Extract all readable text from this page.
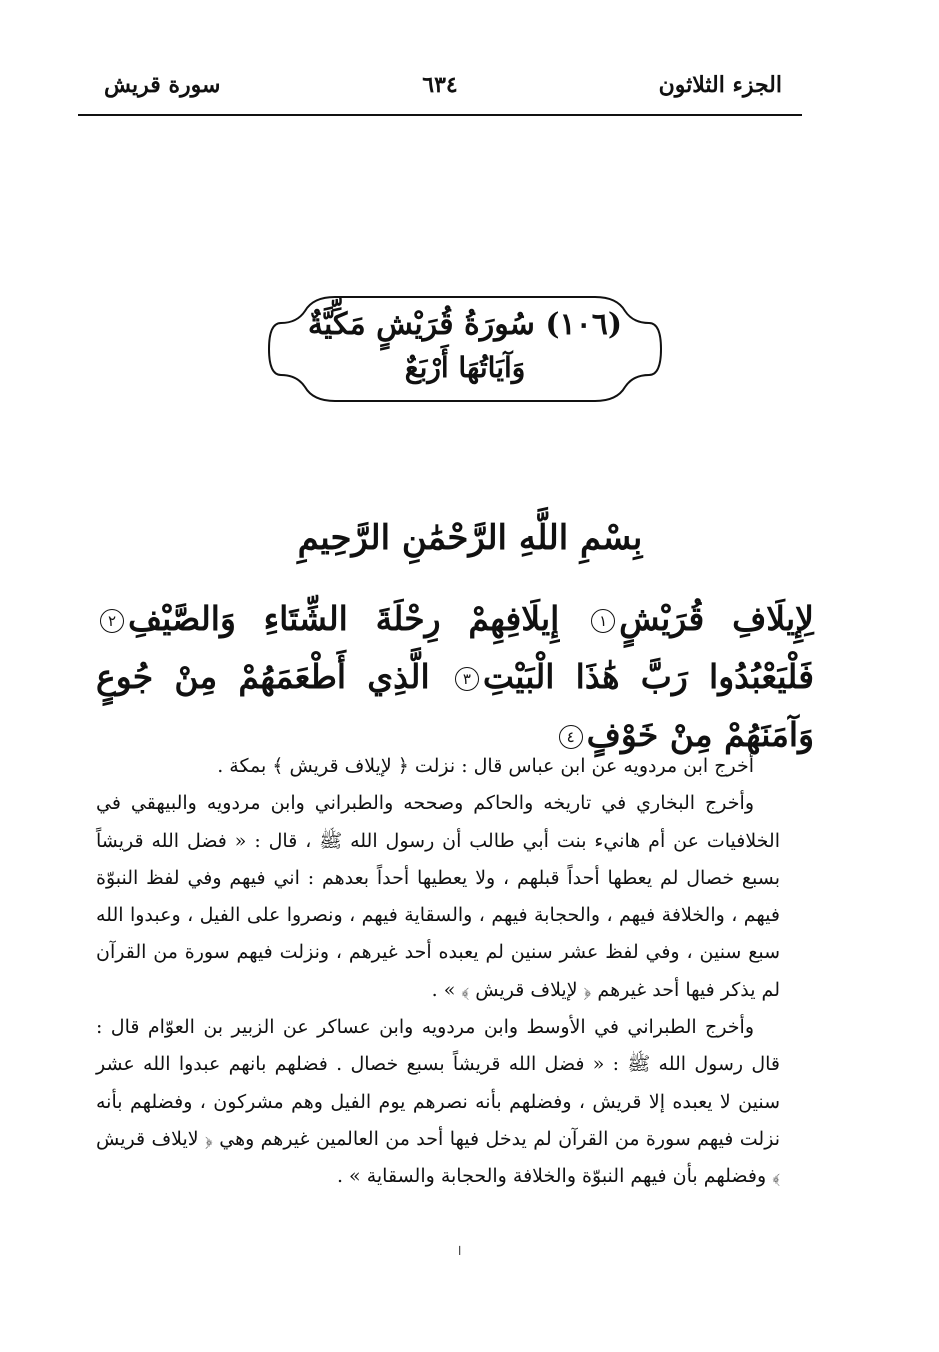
الجزء الثلاثون
٦٣٤
سورة قريش
(١٠٦) سُورَةُ قُرَيْشٍ مَكِّيَّةٌ
وَآيَاتُهَا أَرْبَعٌ
بِسْمِ اللَّهِ الرَّحْمَٰنِ الرَّحِيمِ
لِإِيلَافِ قُرَيْشٍ١ إِيلَافِهِمْ رِحْلَةَ الشِّتَاءِ وَالصَّيْفِ٢ فَلْيَعْبُدُوا رَبَّ هَٰذَا الْبَيْتِ٣ الَّذِي أَطْعَمَهُمْ مِنْ جُوعٍ وَآمَنَهُمْ مِنْ خَوْفٍ٤

أخرج ابن مردويه عن ابن عباس قال : نزلت ﴿ لإيلاف قريش ﴾ بمكة .

وأخرج البخاري في تاريخه والحاكم وصححه والطبراني وابن مردويه والبيهقي في الخلافيات عن أم هانيء بنت أبي طالب أن رسول الله ﷺ ، قال : « فضل الله قريشاً بسبع خصال لم يعطها أحداً قبلهم ، ولا يعطيها أحداً بعدهم : اني فيهم وفي لفظ النبوّة فيهم ، والخلافة فيهم ، والحجابة فيهم ، والسقاية فيهم ، ونصروا على الفيل ، وعبدوا الله سبع سنين ، وفي لفظ عشر سنين لم يعبده أحد غيرهم ، ونزلت فيهم سورة من القرآن لم يذكر فيها أحد غيرهم ﴿ لإيلاف قريش ﴾ » .

وأخرج الطبراني في الأوسط وابن مردويه وابن عساكر عن الزبير بن العوّام قال : قال رسول الله ﷺ : « فضل الله قريشاً بسبع خصال . فضلهم بانهم عبدوا الله عشر سنين لا يعبده إلا قريش ، وفضلهم بأنه نصرهم يوم الفيل وهم مشركون ، وفضلهم بأنه نزلت فيهم سورة من القرآن لم يدخل فيها أحد من العالمين غيرهم وهي ﴿ لايلاف قريش ﴾ وفضلهم بأن فيهم النبوّة والخلافة والحجابة والسقاية » .

ا
